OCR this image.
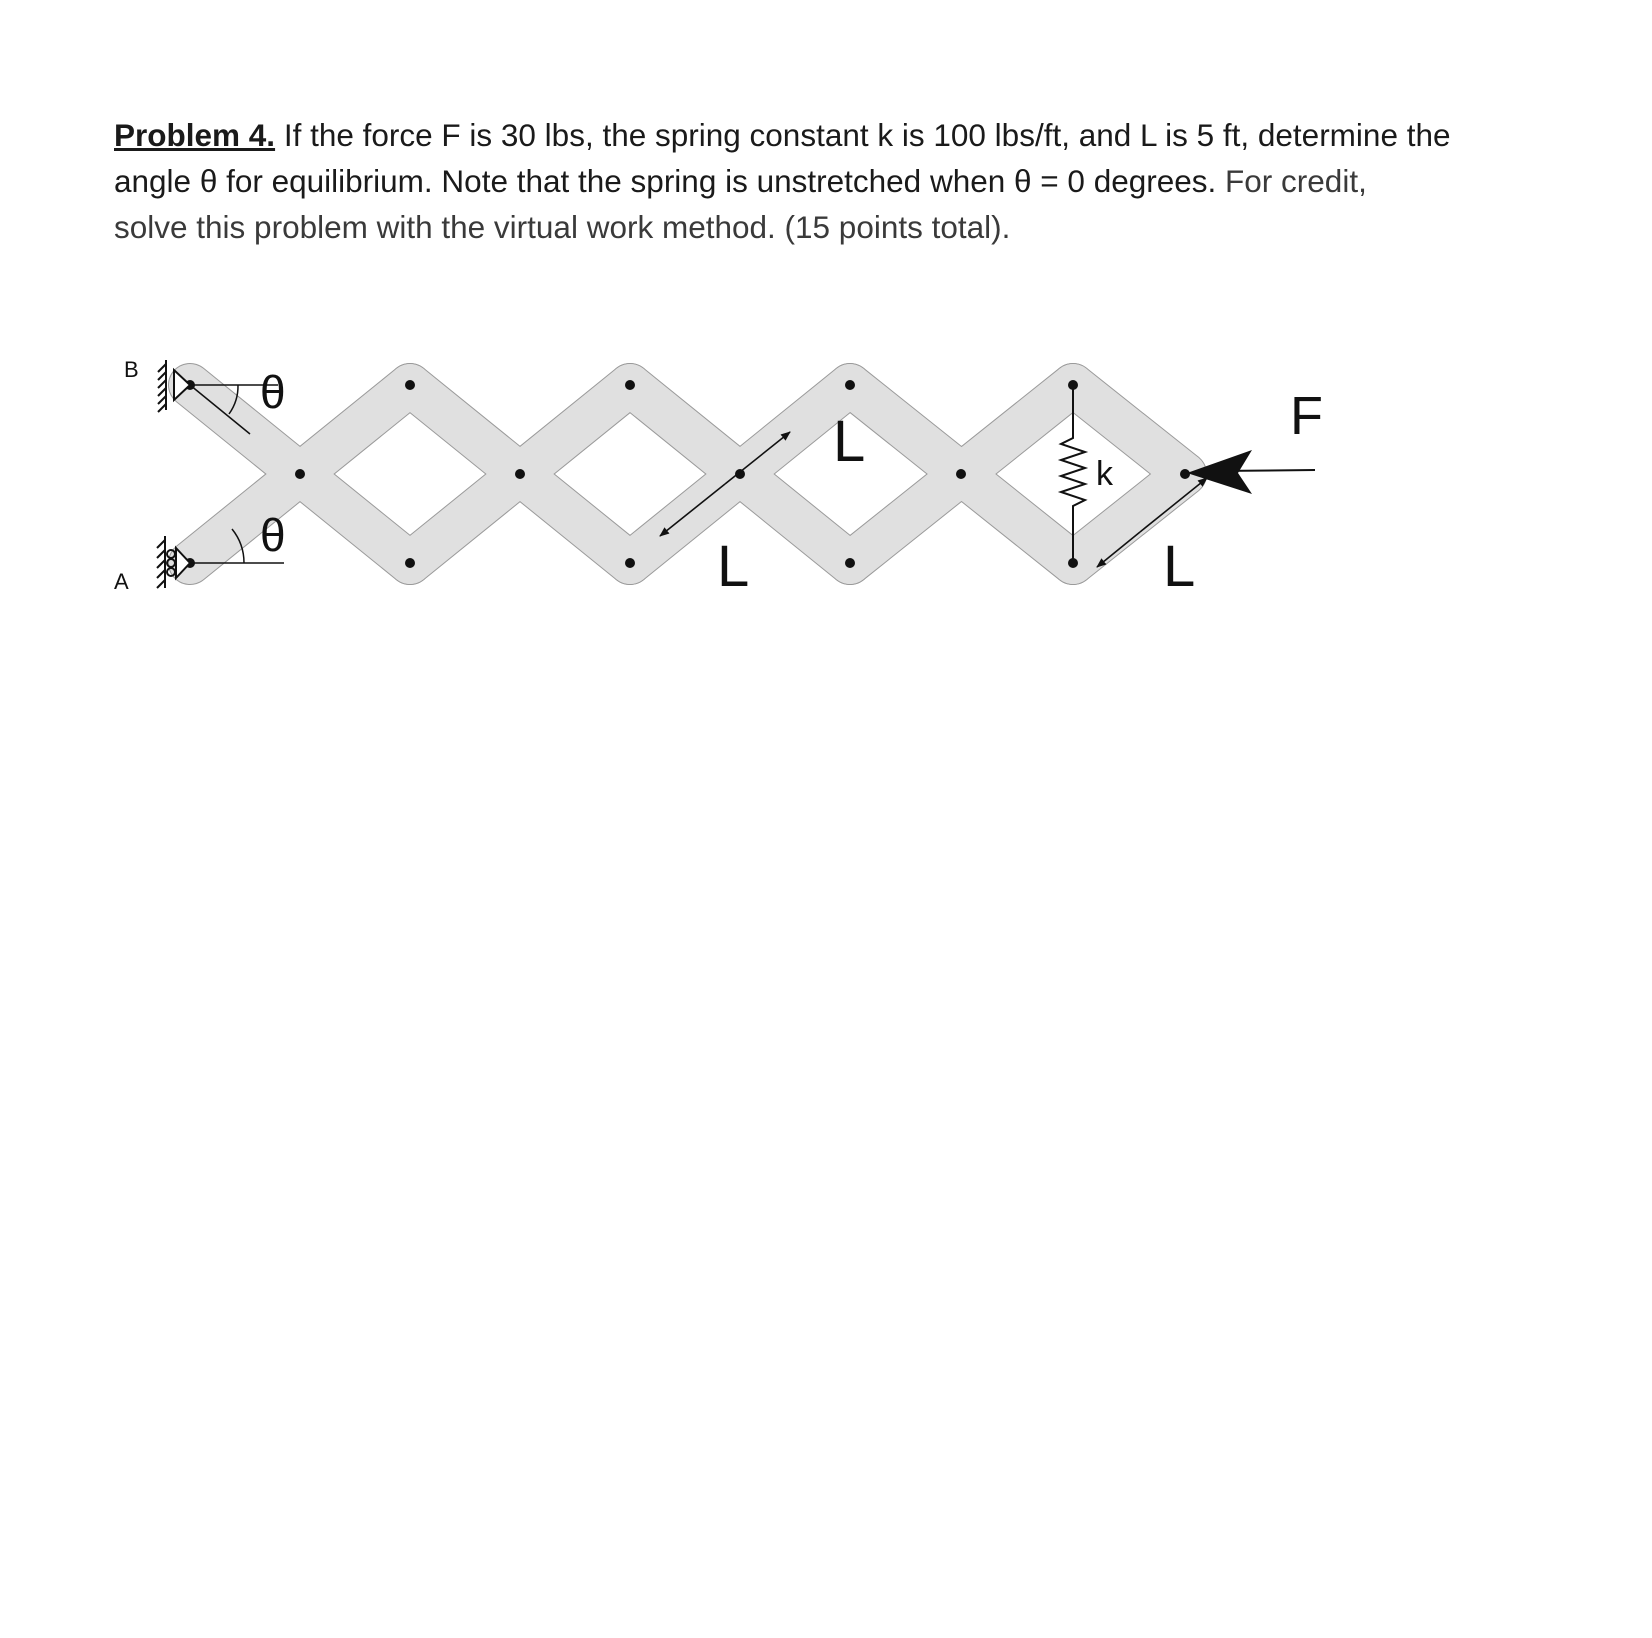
Problem 4. If the force F is 30 lbs, the spring constant k is 100 lbs/ft, and L is 5 ft, determine the
angle θ for equilibrium. Note that the spring is unstretched when θ = 0 degrees. For credit,
solve this problem with the virtual work method. (15 points total).

B
A
θ
θ
L
L	L
k
F
